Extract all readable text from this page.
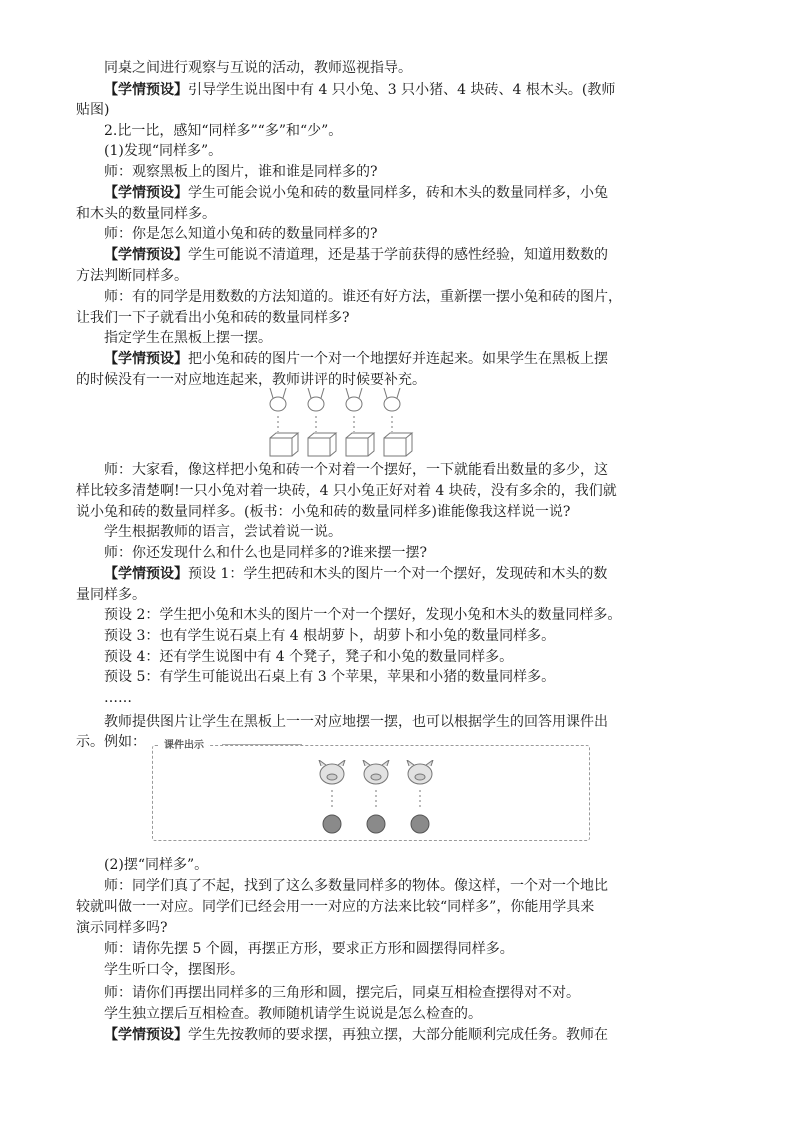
同桌之间进行观察与互说的活动，教师巡视指导。
【学情预设】引导学生说出图中有 4 只小兔、3 只小猪、4 块砖、4 根木头。(教师
贴图)
2.比一比，感知“同样多”“多”和“少”。
(1)发现“同样多”。
师：观察黑板上的图片，谁和谁是同样多的?
【学情预设】学生可能会说小兔和砖的数量同样多，砖和木头的数量同样多，小兔
和木头的数量同样多。
师：你是怎么知道小兔和砖的数量同样多的?
【学情预设】学生可能说不清道理，还是基于学前获得的感性经验，知道用数数的
方法判断同样多。
师：有的同学是用数数的方法知道的。谁还有好方法，重新摆一摆小兔和砖的图片，
让我们一下子就看出小兔和砖的数量同样多?
指定学生在黑板上摆一摆。
【学情预设】把小兔和砖的图片一个对一个地摆好并连起来。如果学生在黑板上摆
的时候没有一一对应地连起来，教师讲评的时候要补充。
师：大家看，像这样把小兔和砖一个对着一个摆好，一下就能看出数量的多少，这
样比较多清楚啊!一只小兔对着一块砖，4 只小兔正好对着 4 块砖，没有多余的，我们就
说小兔和砖的数量同样多。(板书：小兔和砖的数量同样多)谁能像我这样说一说?
学生根据教师的语言，尝试着说一说。
师：你还发现什么和什么也是同样多的?谁来摆一摆?
【学情预设】预设 1：学生把砖和木头的图片一个对一个摆好，发现砖和木头的数
量同样多。
预设 2：学生把小兔和木头的图片一个对一个摆好，发现小兔和木头的数量同样多。
预设 3：也有学生说石桌上有 4 根胡萝卜，胡萝卜和小兔的数量同样多。
预设 4：还有学生说图中有 4 个凳子，凳子和小兔的数量同样多。
预设 5：有学生可能说出石桌上有 3 个苹果，苹果和小猪的数量同样多。
……
教师提供图片让学生在黑板上一一对应地摆一摆，也可以根据学生的回答用课件出
示。例如：	课件出示
(2)摆“同样多”。
师：同学们真了不起，找到了这么多数量同样多的物体。像这样，一个对一个地比
较就叫做一一对应。同学们已经会用一一对应的方法来比较“同样多”，你能用学具来
演示同样多吗?
师：请你先摆 5 个圆，再摆正方形，要求正方形和圆摆得同样多。
学生听口令，摆图形。
师：请你们再摆出同样多的三角形和圆，摆完后，同桌互相检查摆得对不对。
学生独立摆后互相检查。教师随机请学生说说是怎么检查的。
【学情预设】学生先按教师的要求摆，再独立摆，大部分能顺利完成任务。教师在
